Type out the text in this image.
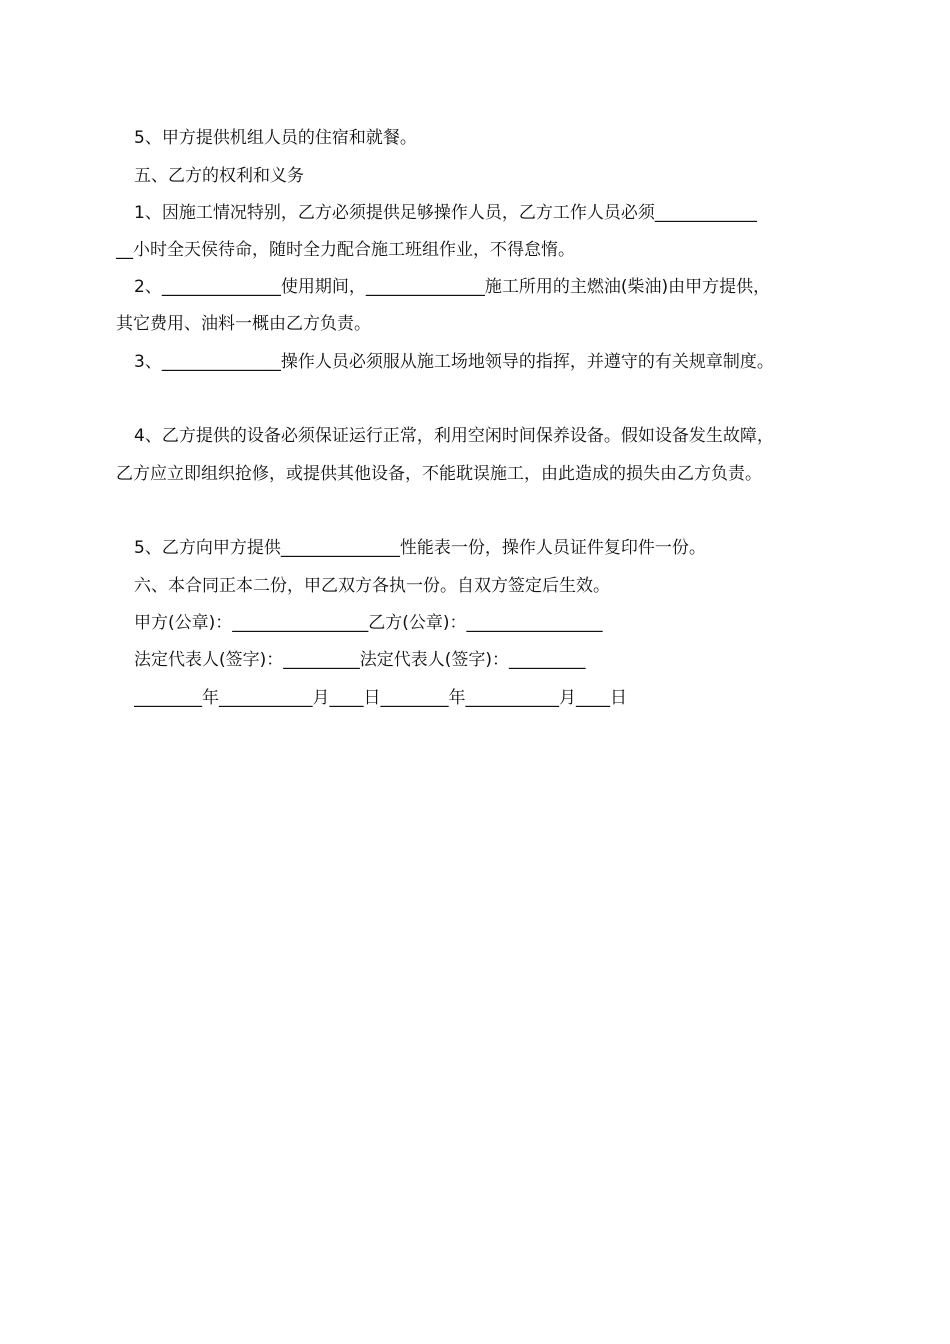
5、甲方提供机组人员的住宿和就餐。
五、乙方的权利和义务
1、因施工情况特别，乙方必须提供足够操作人员，乙方工作人员必须____________
__小时全天侯待命，随时全力配合施工班组作业，不得怠惰。
2、______________使用期间，______________施工所用的主燃油(柴油)由甲方提供，
其它费用、油料一概由乙方负责。
3、______________操作人员必须服从施工场地领导的指挥，并遵守的有关规章制度。
4、乙方提供的设备必须保证运行正常，利用空闲时间保养设备。假如设备发生故障，
乙方应立即组织抢修，或提供其他设备，不能耽误施工，由此造成的损失由乙方负责。
5、乙方向甲方提供______________性能表一份，操作人员证件复印件一份。
六、本合同正本二份，甲乙双方各执一份。自双方签定后生效。
甲方(公章)：________________乙方(公章)：________________
法定代表人(签字)：_________法定代表人(签字)：_________
________年___________月____日________年___________月____日
